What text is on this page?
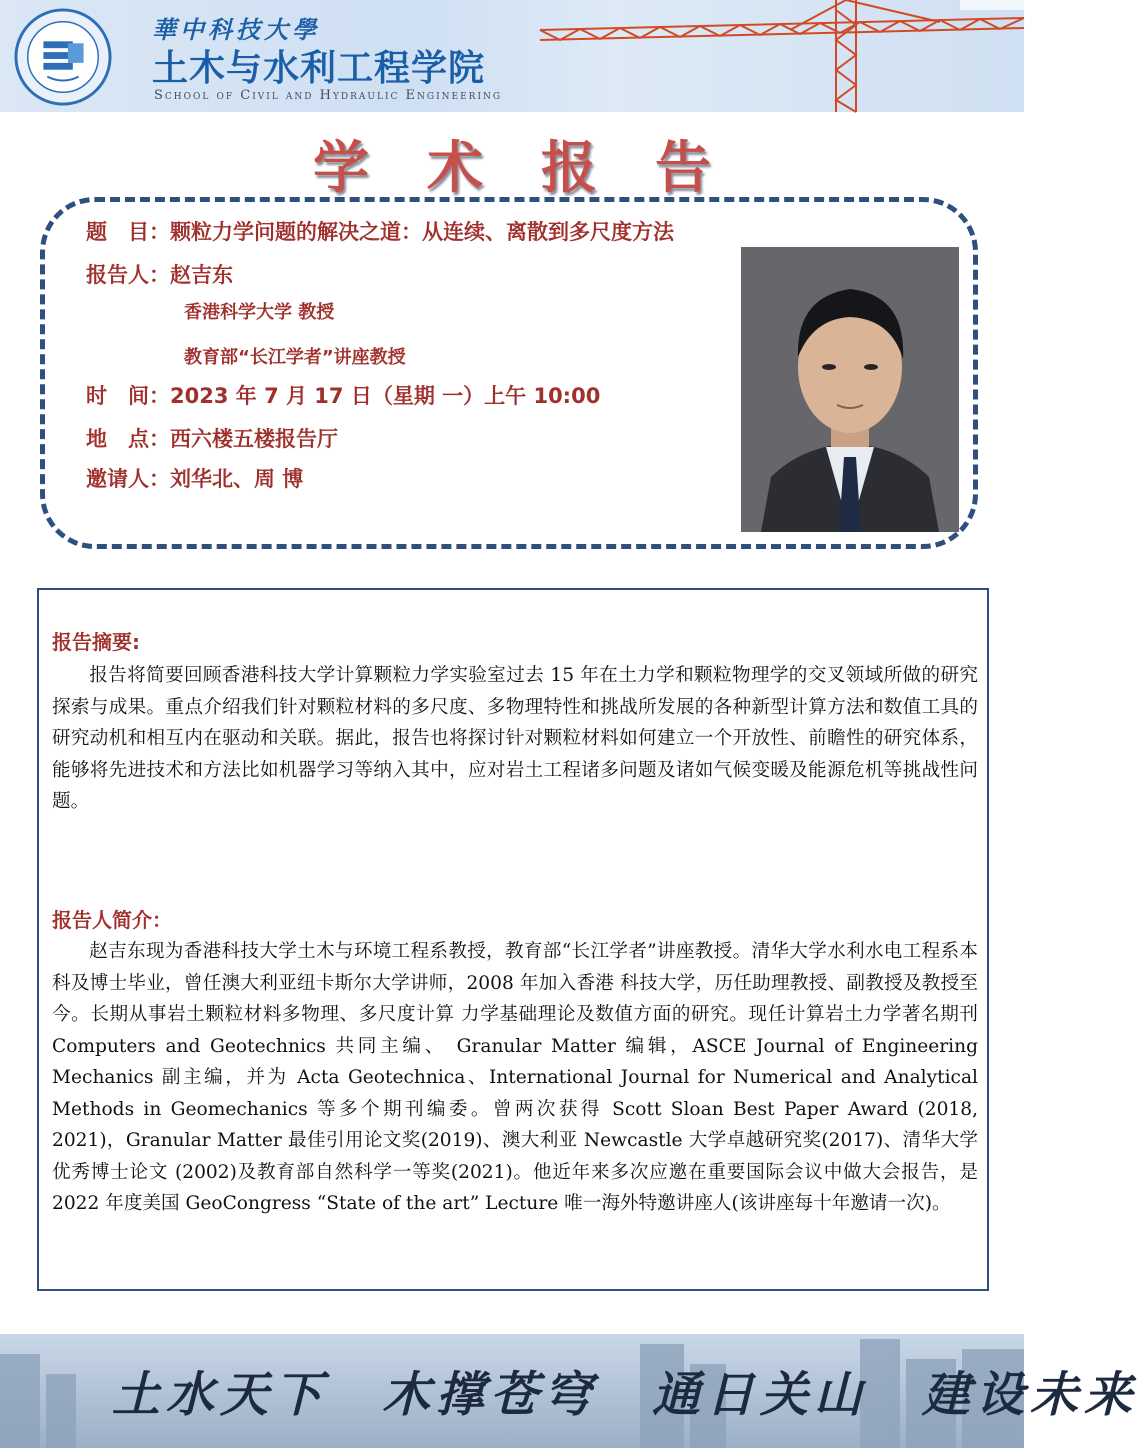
華中科技大學
土木与水利工程学院
School of Civil and Hydraulic Engineering
学术报告
题　目：颗粒力学问题的解决之道：从连续、离散到多尺度方法
报告人：赵吉东
香港科学大学 教授
教育部“长江学者”讲座教授
时　间：2023 年 7 月 17 日（星期 一）上午 10:00
地　点：西六楼五楼报告厅
邀请人：刘华北、周 博
报告摘要:
报告将简要回顾香港科技大学计算颗粒力学实验室过去 15 年在土力学和颗粒物理学的交叉领域所做的研究探索与成果。重点介绍我们针对颗粒材料的多尺度、多物理特性和挑战所发展的各种新型计算方法和数值工具的研究动机和相互内在驱动和关联。据此，报告也将探讨针对颗粒材料如何建立一个开放性、前瞻性的研究体系，能够将先进技术和方法比如机器学习等纳入其中，应对岩土工程诸多问题及诸如气候变暖及能源危机等挑战性问题。
报告人简介：
赵吉东现为香港科技大学土木与环境工程系教授，教育部“长江学者”讲座教授。清华大学水利水电工程系本科及博士毕业，曾任澳大利亚纽卡斯尔大学讲师，2008 年加入香港 科技大学，历任助理教授、副教授及教授至今。长期从事岩土颗粒材料多物理、多尺度计算 力学基础理论及数值方面的研究。现任计算岩土力学著名期刊 Computers and Geotechnics 共同主编、 Granular Matter 编辑，ASCE Journal of Engineering Mechanics 副主编，并为 Acta Geotechnica、International Journal for Numerical and Analytical Methods in Geomechanics 等多个期刊编委。曾两次获得 Scott Sloan Best Paper Award (2018, 2021)，Granular Matter 最佳引用论文奖(2019)、澳大利亚 Newcastle 大学卓越研究奖(2017)、清华大学优秀博士论文 (2002)及教育部自然科学一等奖(2021)。他近年来多次应邀在重要国际会议中做大会报告，是 2022 年度美国 GeoCongress “State of the art” Lecture 唯一海外特邀讲座人(该讲座每十年邀请一次)。
土水天下　木撑苍穹　通日关山　建设未来
